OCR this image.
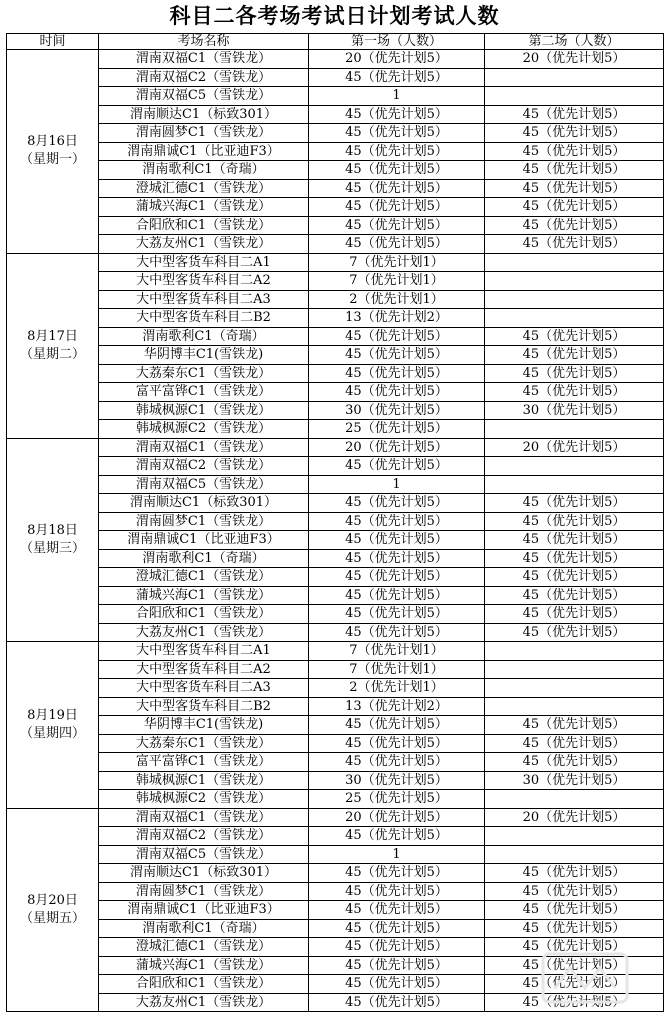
科目二各考场考试日计划考试人数
时间	考场名称	第一场（人数）	第二场（人数）
8月16日
（星期一）	渭南双福C1（雪铁龙）	20（优先计划5）	20（优先计划5）
	渭南双福C2（雪铁龙）	45（优先计划5）	
	渭南双福C5（雪铁龙）	1	
	渭南顺达C1（标致301）	45（优先计划5）	45（优先计划5）
	渭南圆梦C1（雪铁龙）	45（优先计划5）	45（优先计划5）
	渭南鼎诚C1（比亚迪F3）	45（优先计划5）	45（优先计划5）
	渭南歌利C1（奇瑞）	45（优先计划5）	45（优先计划5）
	澄城汇德C1（雪铁龙）	45（优先计划5）	45（优先计划5）
	蒲城兴海C1（雪铁龙）	45（优先计划5）	45（优先计划5）
	合阳欣和C1（雪铁龙）	45（优先计划5）	45（优先计划5）
	大荔友州C1（雪铁龙）	45（优先计划5）	45（优先计划5）
8月17日
（星期二）	大中型客货车科目二A1	7（优先计划1）	
	大中型客货车科目二A2	7（优先计划1）	
	大中型客货车科目二A3	2（优先计划1）	
	大中型客货车科目二B2	13（优先计划2）	
	渭南歌利C1（奇瑞）	45（优先计划5）	45（优先计划5）
	华阴博丰C1(雪铁龙)	45（优先计划5）	45（优先计划5）
	大荔秦东C1（雪铁龙）	45（优先计划5）	45（优先计划5）
	富平富铧C1（雪铁龙）	45（优先计划5）	45（优先计划5）
	韩城枫源C1（雪铁龙）	30（优先计划5）	30（优先计划5）
	韩城枫源C2（雪铁龙）	25（优先计划5）	
8月18日
（星期三）	渭南双福C1（雪铁龙）	20（优先计划5）	20（优先计划5）
	渭南双福C2（雪铁龙）	45（优先计划5）	
	渭南双福C5（雪铁龙）	1	
	渭南顺达C1（标致301）	45（优先计划5）	45（优先计划5）
	渭南圆梦C1（雪铁龙）	45（优先计划5）	45（优先计划5）
	渭南鼎诚C1（比亚迪F3）	45（优先计划5）	45（优先计划5）
	渭南歌利C1（奇瑞）	45（优先计划5）	45（优先计划5）
	澄城汇德C1（雪铁龙）	45（优先计划5）	45（优先计划5）
	蒲城兴海C1（雪铁龙）	45（优先计划5）	45（优先计划5）
	合阳欣和C1（雪铁龙）	45（优先计划5）	45（优先计划5）
	大荔友州C1（雪铁龙）	45（优先计划5）	45（优先计划5）
8月19日
（星期四）	大中型客货车科目二A1	7（优先计划1）	
	大中型客货车科目二A2	7（优先计划1）	
	大中型客货车科目二A3	2（优先计划1）	
	大中型客货车科目二B2	13（优先计划2）	
	华阴博丰C1(雪铁龙)	45（优先计划5）	45（优先计划5）
	大荔秦东C1（雪铁龙）	45（优先计划5）	45（优先计划5）
	富平富铧C1（雪铁龙）	45（优先计划5）	45（优先计划5）
	韩城枫源C1（雪铁龙）	30（优先计划5）	30（优先计划5）
	韩城枫源C2（雪铁龙）	25（优先计划5）	
8月20日
（星期五）	渭南双福C1（雪铁龙）	20（优先计划5）	20（优先计划5）
	渭南双福C2（雪铁龙）	45（优先计划5）	
	渭南双福C5（雪铁龙）	1	
	渭南顺达C1（标致301）	45（优先计划5）	45（优先计划5）
	渭南圆梦C1（雪铁龙）	45（优先计划5）	45（优先计划5）
	渭南鼎诚C1（比亚迪F3）	45（优先计划5）	45（优先计划5）
	渭南歌利C1（奇瑞）	45（优先计划5）	45（优先计划5）
	澄城汇德C1（雪铁龙）	45（优先计划5）	45（优先计划5）
	蒲城兴海C1（雪铁龙）	45（优先计划5）	45（优先计划5）
	合阳欣和C1（雪铁龙）	45（优先计划5）	45（优先计划5）
	大荔友州C1（雪铁龙）	45（优先计划5）	45（优先计划5）
